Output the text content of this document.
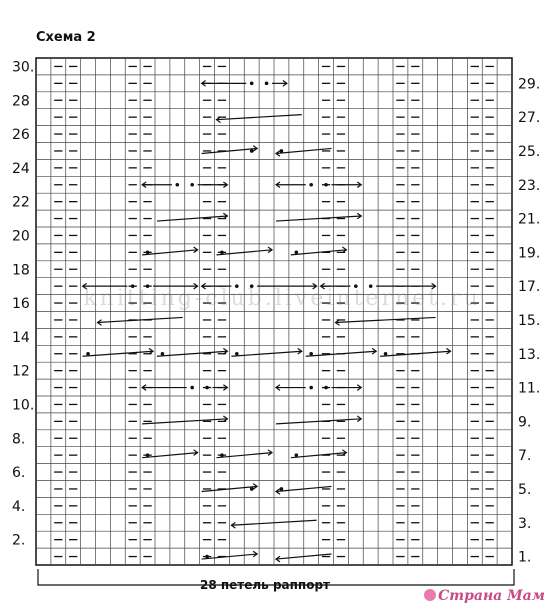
Схема 2
30.
28
26
24
22
20
18
16
14
12
10.
8.
6.
4.
2.
29.
27.
25.
23.
21.
19.
17.
15.
13.
11.
9.
7.
5.
3.
1.
28 петель раппорт
knitting-club.liveinternet.ru
Страна Мам
